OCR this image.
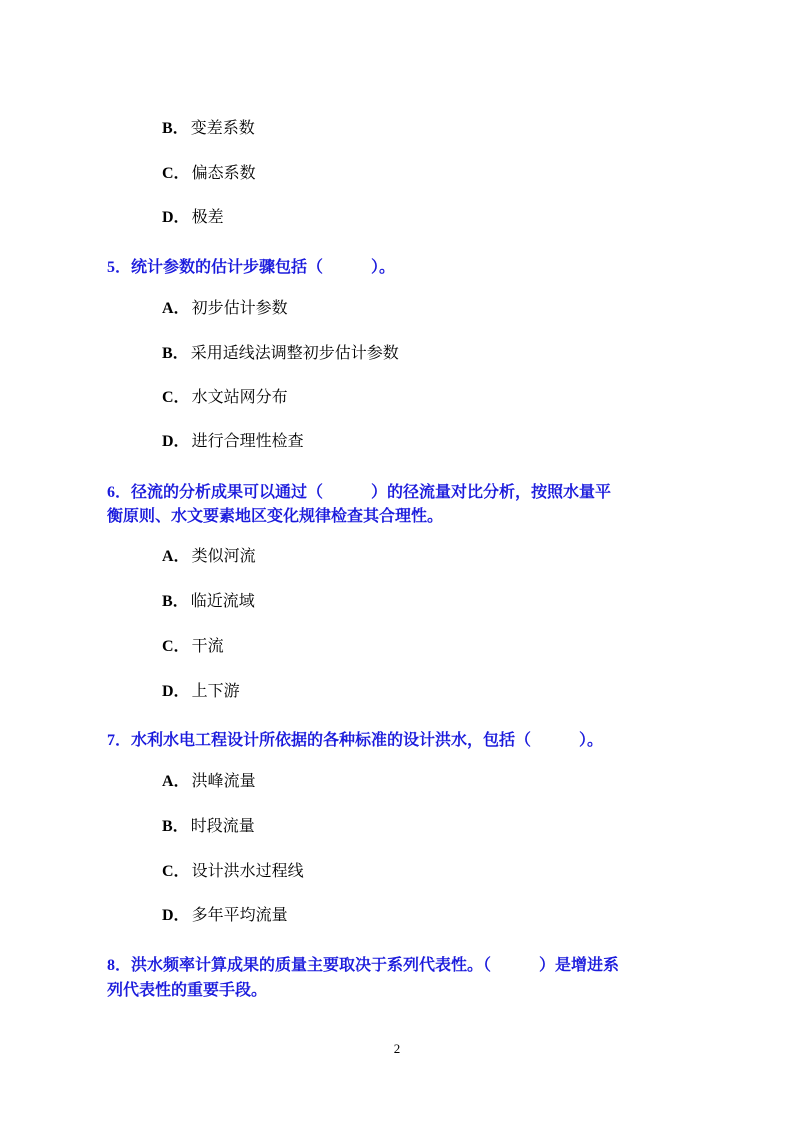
B． 变差系数
C． 偏态系数
D． 极差
5．统计参数的估计步骤包括（　　　）。
A． 初步估计参数
B． 采用适线法调整初步估计参数
C． 水文站网分布
D． 进行合理性检查
6．径流的分析成果可以通过（　　　）的径流量对比分析，按照水量平
衡原则、水文要素地区变化规律检查其合理性。
A． 类似河流
B． 临近流域
C． 干流
D． 上下游
7．水利水电工程设计所依据的各种标准的设计洪水，包括（　　　）。
A． 洪峰流量
B． 时段流量
C． 设计洪水过程线
D． 多年平均流量
8．洪水频率计算成果的质量主要取决于系列代表性。（　　　）是增进系
列代表性的重要手段。
2
